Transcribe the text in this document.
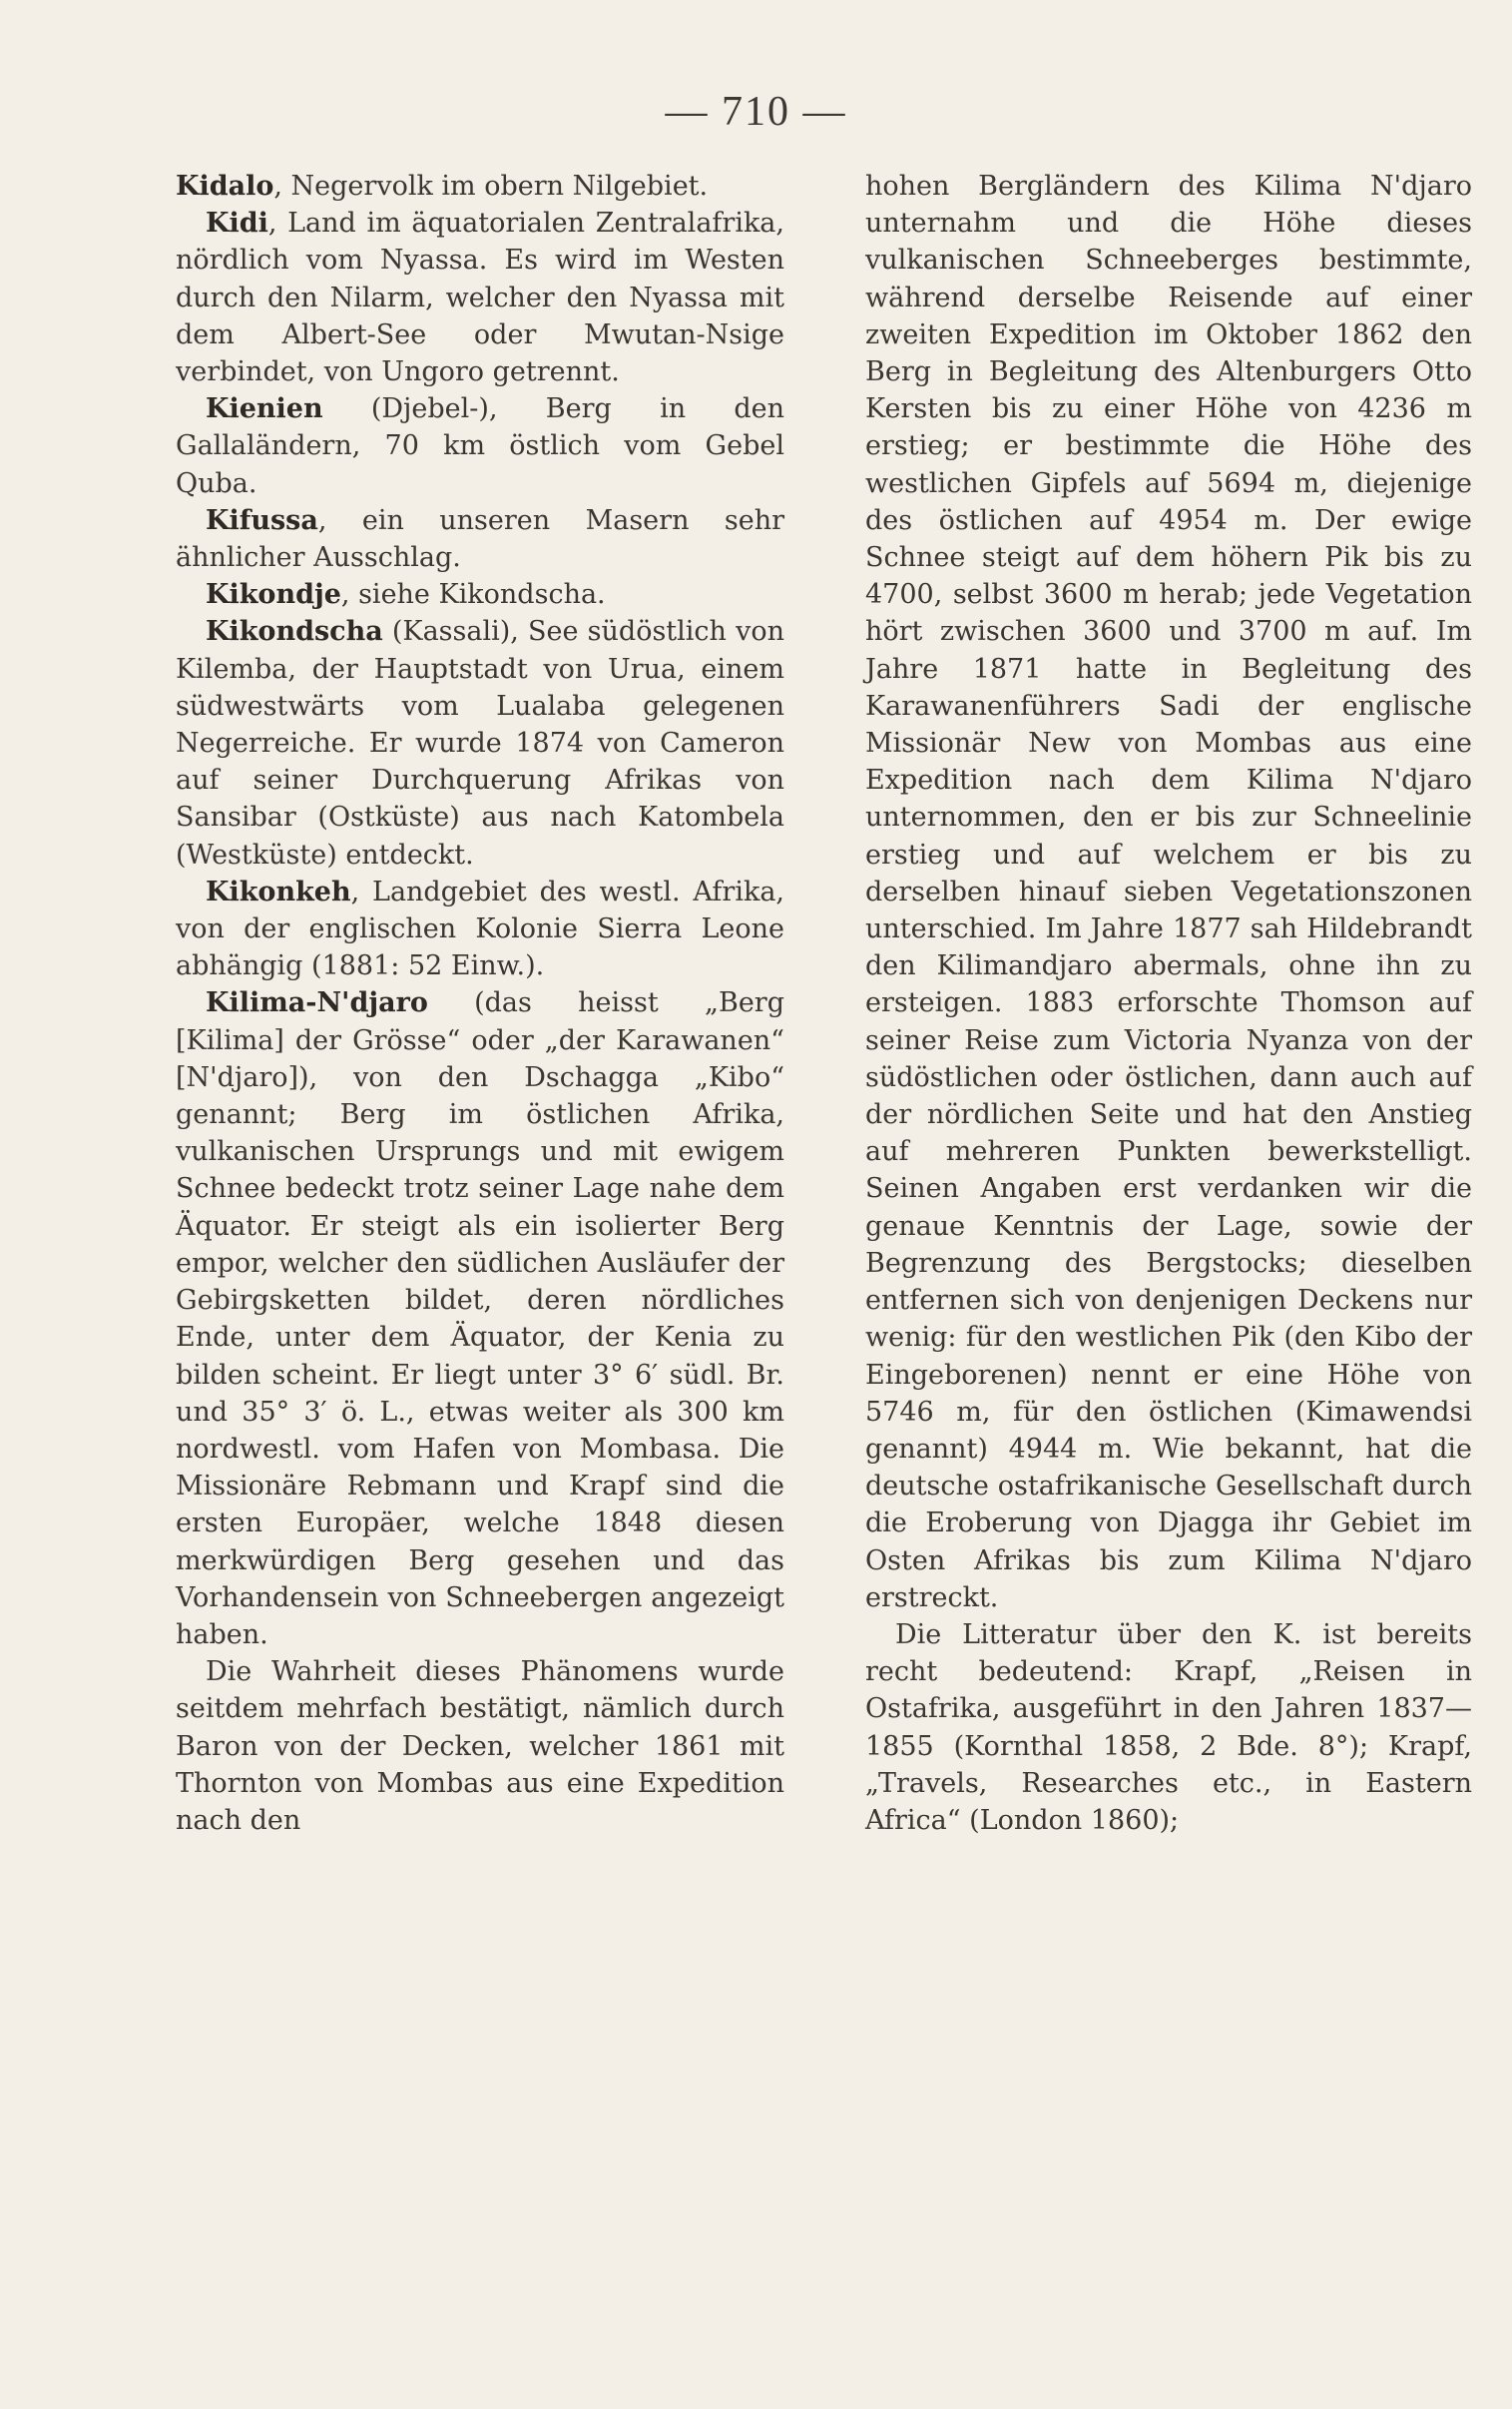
— 710 —

Kidalo, Negervolk im obern Nilgebiet.

Kidi, Land im äquatorialen Zentralafrika, nördlich vom Nyassa. Es wird im Westen durch den Nilarm, welcher den Nyassa mit dem Albert-See oder Mwutan-Nsige verbindet, von Ungoro getrennt.

Kienien (Djebel-), Berg in den Gallaländern, 70 km östlich vom Gebel Quba.

Kifussa, ein unseren Masern sehr ähnlicher Ausschlag.

Kikondje, siehe Kikondscha.

Kikondscha (Kassali), See südöstlich von Kilemba, der Hauptstadt von Urua, einem südwestwärts vom Lualaba gelegenen Negerreiche. Er wurde 1874 von Cameron auf seiner Durchquerung Afrikas von Sansibar (Ostküste) aus nach Katombela (Westküste) entdeckt.

Kikonkeh, Landgebiet des westl. Afrika, von der englischen Kolonie Sierra Leone abhängig (1881: 52 Einw.).

Kilima-N'djaro (das heisst „Berg [Kilima] der Grösse“ oder „der Karawanen“ [N'djaro]), von den Dschagga „Kibo“ genannt; Berg im östlichen Afrika, vulkanischen Ursprungs und mit ewigem Schnee bedeckt trotz seiner Lage nahe dem Äquator. Er steigt als ein isolierter Berg empor, welcher den südlichen Ausläufer der Gebirgsketten bildet, deren nördliches Ende, unter dem Äquator, der Kenia zu bilden scheint. Er liegt unter 3° 6′ südl. Br. und 35° 3′ ö. L., etwas weiter als 300 km nordwestl. vom Hafen von Mombasa. Die Missionäre Rebmann und Krapf sind die ersten Europäer, welche 1848 diesen merkwürdigen Berg gesehen und das Vorhandensein von Schneebergen angezeigt haben.

Die Wahrheit dieses Phänomens wurde seitdem mehrfach bestätigt, nämlich durch Baron von der Decken, welcher 1861 mit Thornton von Mombas aus eine Expedition nach den

hohen Bergländern des Kilima N'djaro unternahm und die Höhe dieses vulkanischen Schneeberges bestimmte, während derselbe Reisende auf einer zweiten Expedition im Oktober 1862 den Berg in Begleitung des Altenburgers Otto Kersten bis zu einer Höhe von 4236 m erstieg; er bestimmte die Höhe des westlichen Gipfels auf 5694 m, diejenige des östlichen auf 4954 m. Der ewige Schnee steigt auf dem höhern Pik bis zu 4700, selbst 3600 m herab; jede Vegetation hört zwischen 3600 und 3700 m auf. Im Jahre 1871 hatte in Begleitung des Karawanenführers Sadi der englische Missionär New von Mombas aus eine Expedition nach dem Kilima N'djaro unternommen, den er bis zur Schneelinie erstieg und auf welchem er bis zu derselben hinauf sieben Vegetationszonen unterschied. Im Jahre 1877 sah Hildebrandt den Kilimandjaro abermals, ohne ihn zu ersteigen. 1883 erforschte Thomson auf seiner Reise zum Victoria Nyanza von der südöstlichen oder östlichen, dann auch auf der nördlichen Seite und hat den Anstieg auf mehreren Punkten bewerkstelligt. Seinen Angaben erst verdanken wir die genaue Kenntnis der Lage, sowie der Begrenzung des Bergstocks; dieselben entfernen sich von denjenigen Deckens nur wenig: für den westlichen Pik (den Kibo der Eingeborenen) nennt er eine Höhe von 5746 m, für den östlichen (Kimawendsi genannt) 4944 m. Wie bekannt, hat die deutsche ostafrikanische Gesellschaft durch die Eroberung von Djagga ihr Gebiet im Osten Afrikas bis zum Kilima N'djaro erstreckt.

Die Litteratur über den K. ist bereits recht bedeutend: Krapf, „Reisen in Ostafrika, ausgeführt in den Jahren 1837—1855 (Kornthal 1858, 2 Bde. 8°); Krapf, „Travels, Researches etc., in Eastern Africa“ (London 1860);
